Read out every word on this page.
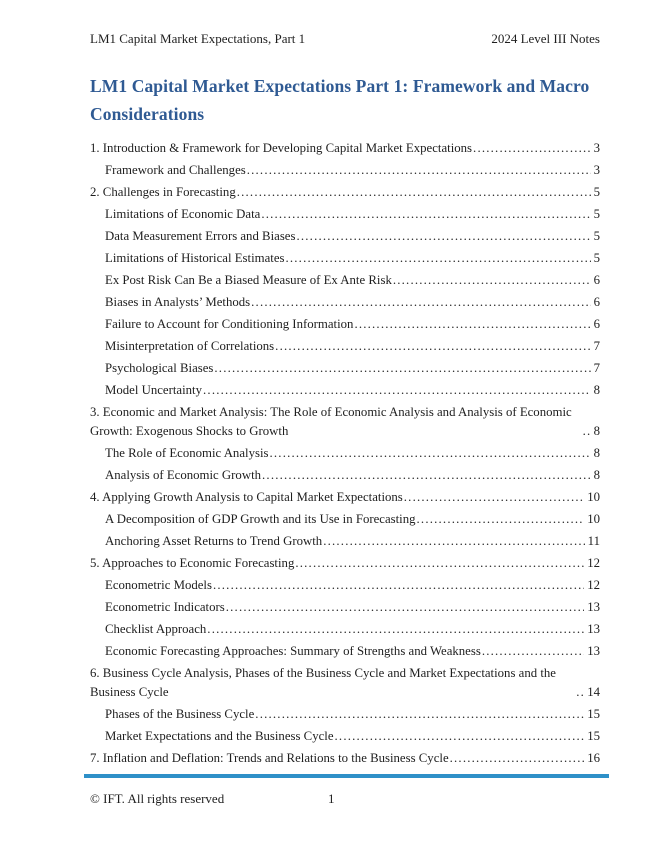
LM1 Capital Market Expectations, Part 1	2024 Level III Notes
LM1 Capital Market Expectations Part 1: Framework and Macro Considerations
1. Introduction & Framework for Developing Capital Market Expectations .....	3
Framework and Challenges .....	3
2. Challenges in Forecasting .....	5
Limitations of Economic Data .....	5
Data Measurement Errors and Biases .....	5
Limitations of Historical Estimates .....	5
Ex Post Risk Can Be a Biased Measure of Ex Ante Risk .....	6
Biases in Analysts’ Methods .....	6
Failure to Account for Conditioning Information .....	6
Misinterpretation of Correlations .....	7
Psychological Biases .....	7
Model Uncertainty .....	8
3. Economic and Market Analysis: The Role of Economic Analysis and Analysis of Economic Growth: Exogenous Shocks to Growth .....	8
The Role of Economic Analysis .....	8
Analysis of Economic Growth .....	8
4. Applying Growth Analysis to Capital Market Expectations .....	10
A Decomposition of GDP Growth and its Use in Forecasting .....	10
Anchoring Asset Returns to Trend Growth .....	11
5. Approaches to Economic Forecasting .....	12
Econometric Models .....	12
Econometric Indicators .....	13
Checklist Approach .....	13
Economic Forecasting Approaches: Summary of Strengths and Weakness .....	13
6. Business Cycle Analysis, Phases of the Business Cycle and Market Expectations and the Business Cycle .....	14
Phases of the Business Cycle .....	15
Market Expectations and the Business Cycle .....	15
7. Inflation and Deflation: Trends and Relations to the Business Cycle .....	16
© IFT. All rights reserved	1
